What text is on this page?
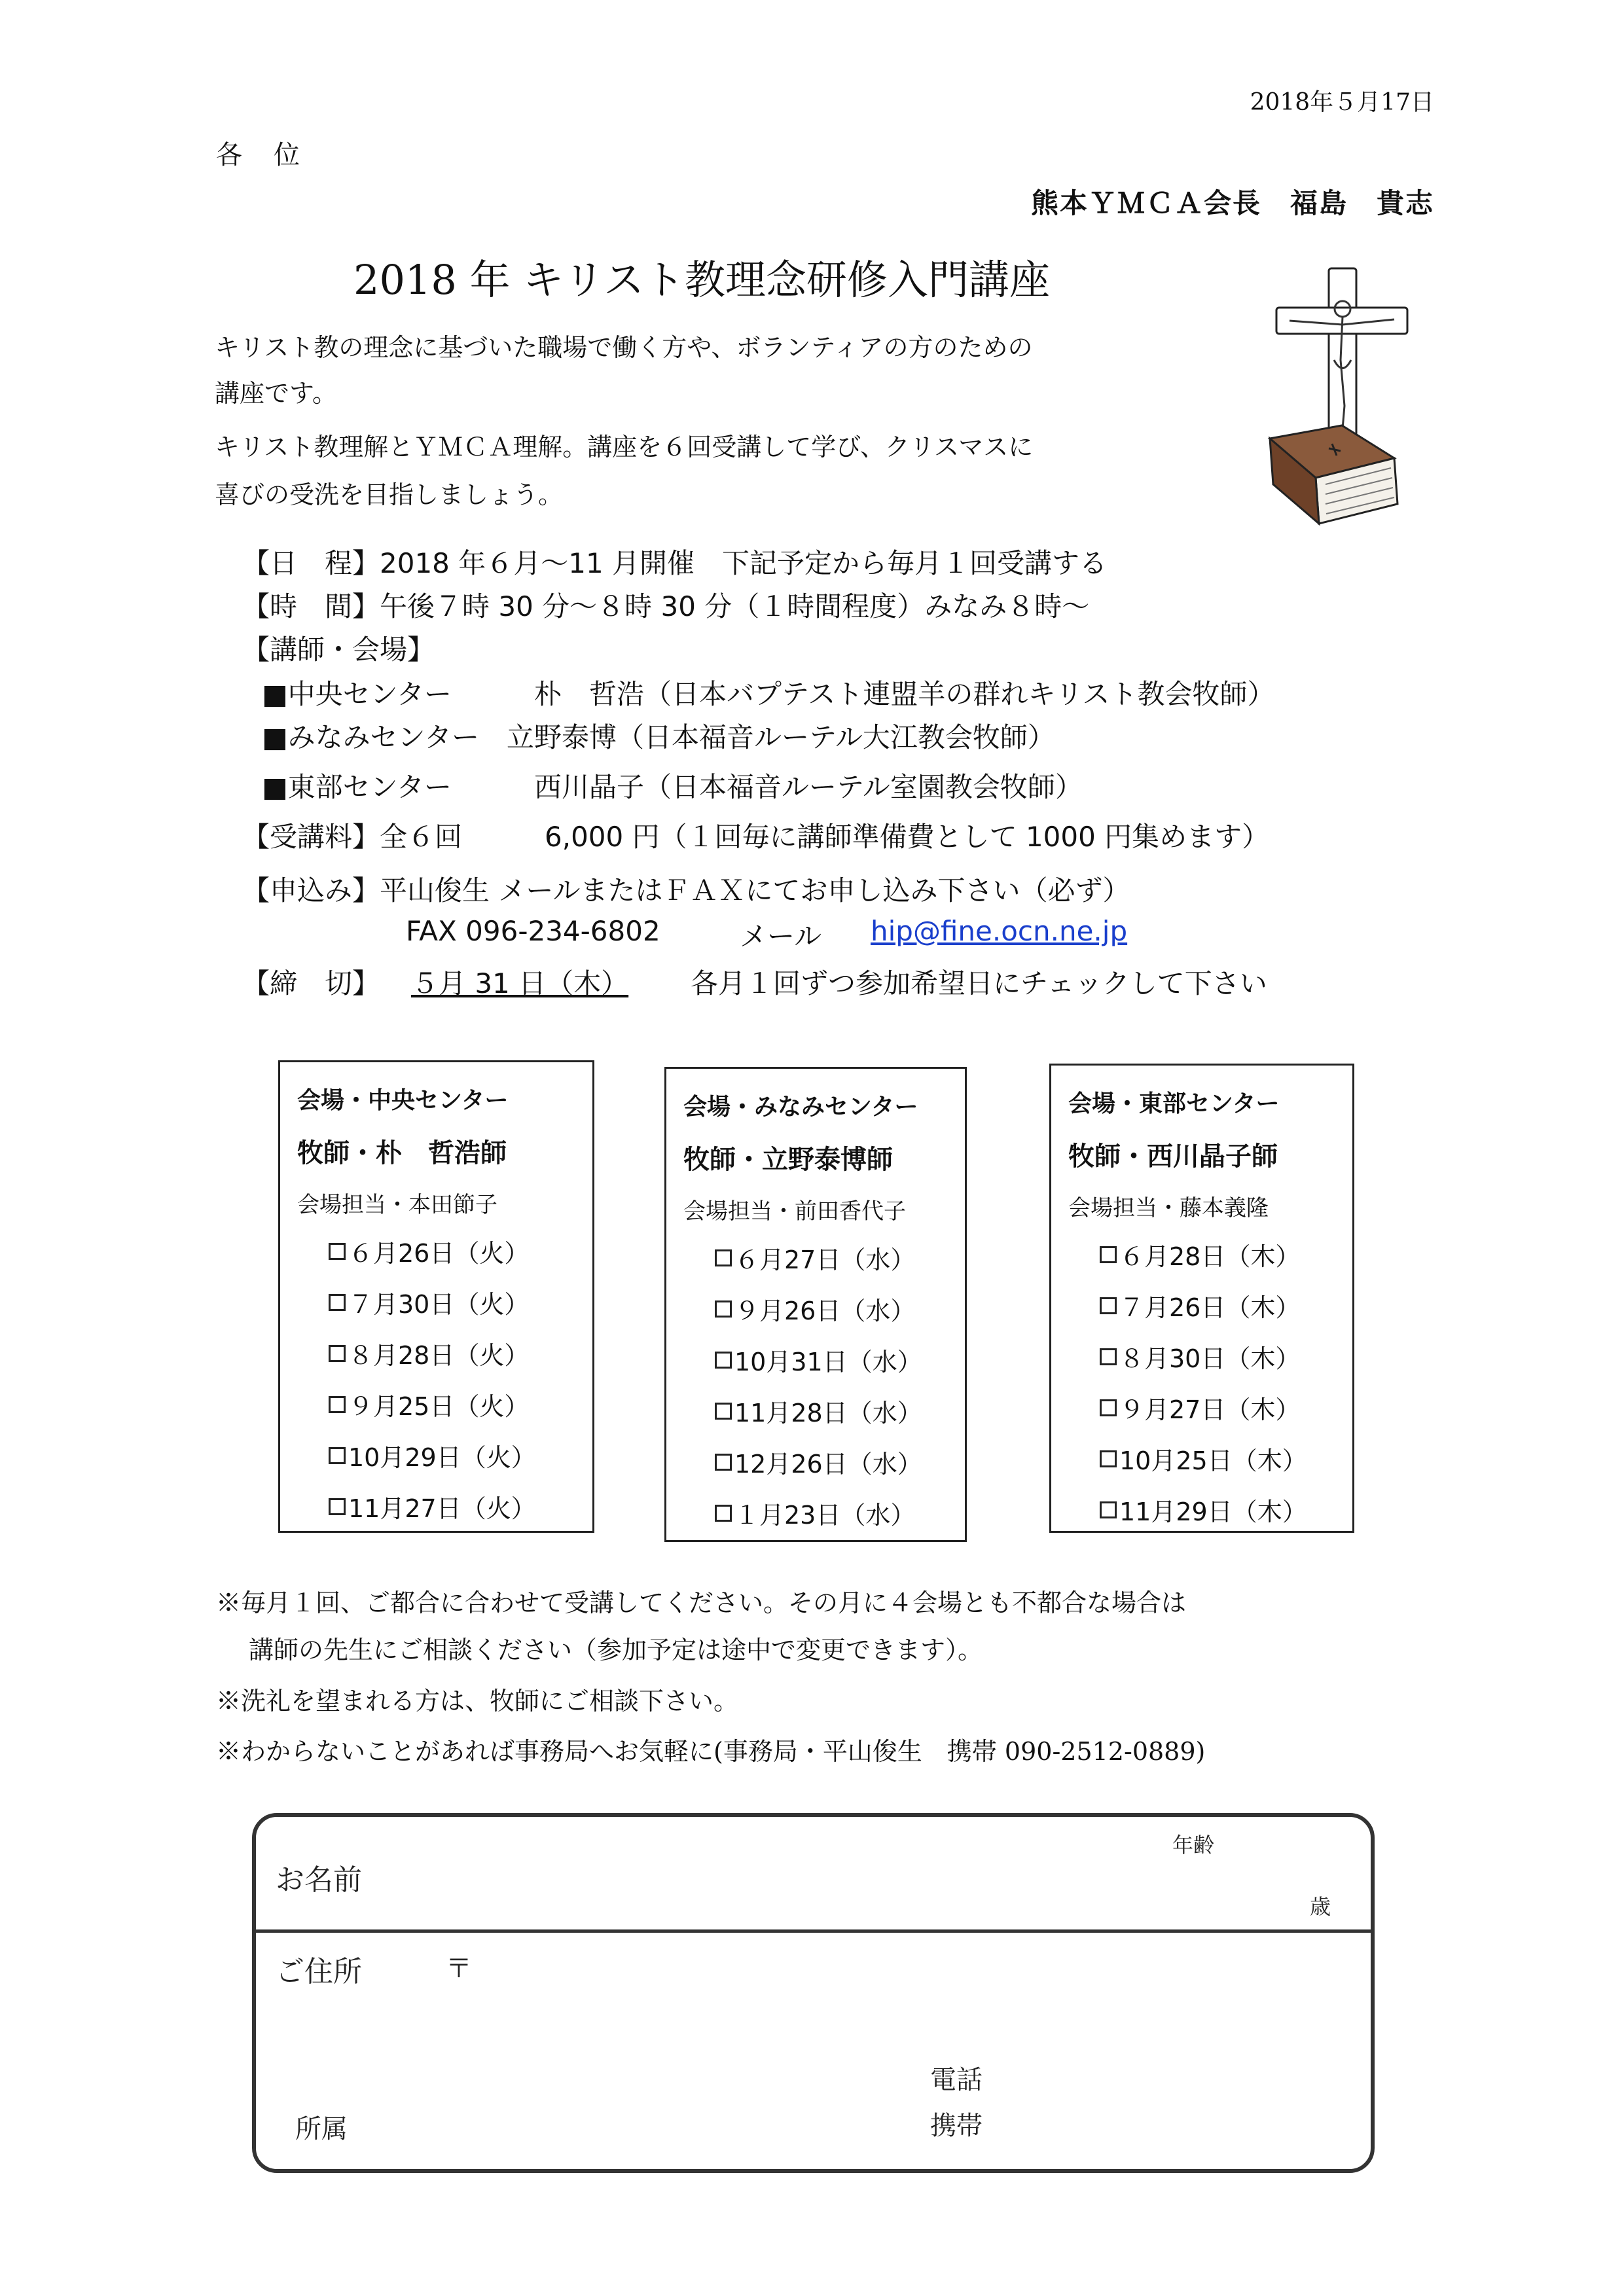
2018年５月17日
各　位
熊本ＹＭＣＡ会長　福島　貴志
2018 年 キリスト教理念研修入門講座
キリスト教の理念に基づいた職場で働く方や、ボランティアの方のための
講座です。
キリスト教理解とＹＭＣＡ理解。講座を６回受講して学び、クリスマスに
喜びの受洗を目指しましょう。
【日　程】2018 年６月～11 月開催　下記予定から毎月１回受講する
【時　間】午後７時 30 分～８時 30 分（１時間程度）みなみ８時～
【講師・会場】
■中央センター　　　朴　哲浩（日本バプテスト連盟羊の群れキリスト教会牧師）
■みなみセンター　立野泰博（日本福音ルーテル大江教会牧師）
■東部センター　　　西川晶子（日本福音ルーテル室園教会牧師）
【受講料】全６回　　　6,000 円（１回毎に講師準備費として 1000 円集めます）
【申込み】平山俊生 メールまたはＦＡＸにてお申し込み下さい（必ず）
FAX 096-234-6802	メール hip@fine.ocn.ne.jp
【締　切】 ５月 31 日（木） 各月１回ずつ参加希望日にチェックして下さい
会場・中央センター
牧師・朴　哲浩師
会場担当・本田節子
６月26日（火）
７月30日（火）
８月28日（火）
９月25日（火）
10月29日（火）
11月27日（火）
会場・みなみセンター
牧師・立野泰博師
会場担当・前田香代子
６月27日（水）
９月26日（水）
10月31日（水）
11月28日（水）
12月26日（水）
１月23日（水）
会場・東部センター
牧師・西川晶子師
会場担当・藤本義隆
６月28日（木）
７月26日（木）
８月30日（木）
９月27日（木）
10月25日（木）
11月29日（木）
※毎月１回、ご都合に合わせて受講してください。その月に４会場とも不都合な場合は
講師の先生にご相談ください（参加予定は途中で変更できます）。
※洗礼を望まれる方は、牧師にご相談下さい。
※わからないことがあれば事務局へお気軽に(事務局・平山俊生　携帯 090-2512-0889)
お名前
年齢
歳
ご住所	〒
電話
携帯
所属
